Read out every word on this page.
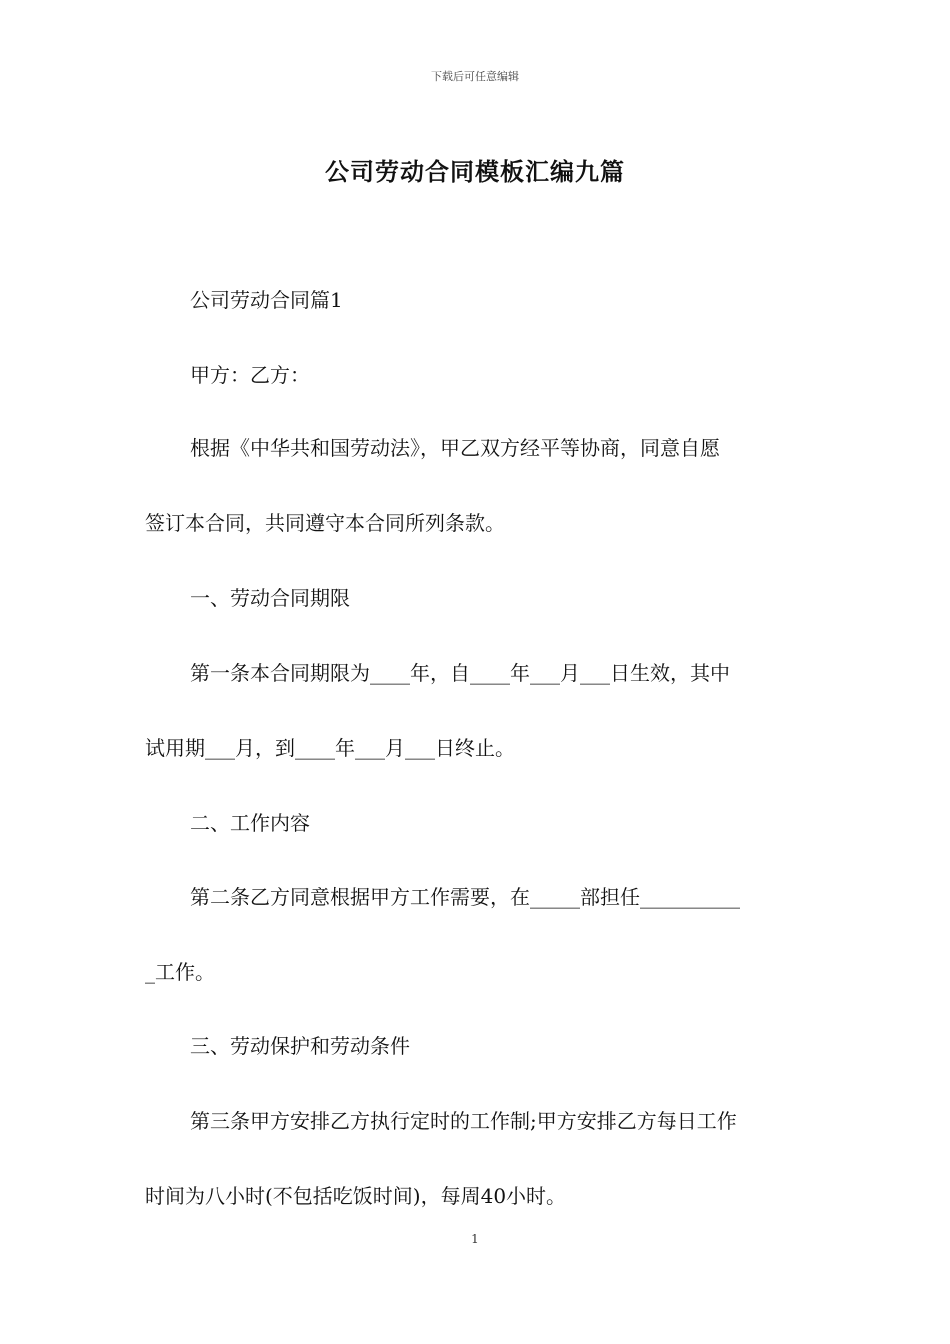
下载后可任意编辑
公司劳动合同模板汇编九篇
公司劳动合同篇1
甲方：乙方：
根据《中华共和国劳动法》，甲乙双方经平等协商，同意自愿
签订本合同，共同遵守本合同所列条款。
一、劳动合同期限
第一条本合同期限为____年，自____年___月___日生效，其中
试用期___月，到____年___月___日终止。
二、工作内容
第二条乙方同意根据甲方工作需要，在_____部担任__________
_工作。
三、劳动保护和劳动条件
第三条甲方安排乙方执行定时的工作制;甲方安排乙方每日工作
时间为八小时(不包括吃饭时间)，每周40小时。
1
